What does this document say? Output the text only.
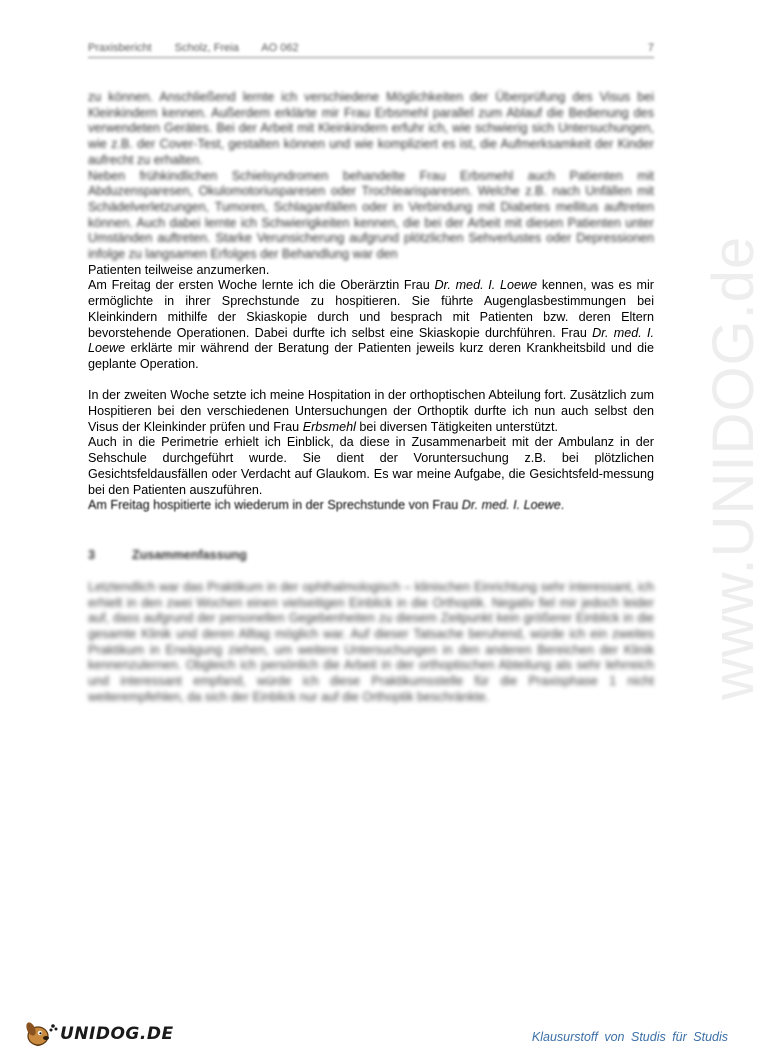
Praxisbericht Scholz, Freia AO 062	7

zu können. Anschließend lernte ich verschiedene Möglichkeiten der Überprüfung des Visus bei Kleinkindern kennen. Außerdem erklärte mir Frau Erbsmehl parallel zum Ablauf die Bedienung des verwendeten Gerätes. Bei der Arbeit mit Kleinkindern erfuhr ich, wie schwierig sich Untersuchungen, wie z.B. der Cover-Test, gestalten können und wie kompliziert es ist, die Aufmerksamkeit der Kinder aufrecht zu erhalten.

Neben frühkindlichen Schielsyndromen behandelte Frau Erbsmehl auch Patienten mit Abduzensparesen, Okulomotoriusparesen oder Trochlearisparesen. Welche z.B. nach Unfällen mit Schädelverletzungen, Tumoren, Schlaganfällen oder in Verbindung mit Diabetes mellitus auftreten können. Auch dabei lernte ich Schwierigkeiten kennen, die bei der Arbeit mit diesen Patienten unter Umständen auftreten. Starke Verunsicherung aufgrund plötzlichen Sehverlustes oder Depressionen infolge zu langsamen Erfolges der Behandlung war den

Patienten teilweise anzumerken.

Am Freitag der ersten Woche lernte ich die Oberärztin Frau Dr. med. I. Loewe kennen, was es mir ermöglichte in ihrer Sprechstunde zu hospitieren. Sie führte Augenglasbestimmungen bei Kleinkindern mithilfe der Skiaskopie durch und besprach mit Patienten bzw. deren Eltern bevorstehende Operationen. Dabei durfte ich selbst eine Skiaskopie durchführen. Frau Dr. med. I. Loewe erklärte mir während der Beratung der Patienten jeweils kurz deren Krankheitsbild und die geplante Operation.

In der zweiten Woche setzte ich meine Hospitation in der orthoptischen Abteilung fort. Zusätzlich zum Hospitieren bei den verschiedenen Untersuchungen der Orthoptik durfte ich nun auch selbst den Visus der Kleinkinder prüfen und Frau Erbsmehl bei diversen Tätigkeiten unterstützt.

Auch in die Perimetrie erhielt ich Einblick, da diese in Zusammenarbeit mit der Ambulanz in der Sehschule durchgeführt wurde. Sie dient der Voruntersuchung z.B. bei plötzlichen Gesichtsfeldausfällen oder Verdacht auf Glaukom. Es war meine Aufgabe, die Gesichtsfeld-messung bei den Patienten auszuführen.

Am Freitag hospitierte ich wiederum in der Sprechstunde von Frau Dr. med. I. Loewe.

3	Zusammenfassung

Letztendlich war das Praktikum in der ophthalmologisch – klinischen Einrichtung sehr interessant, ich erhielt in den zwei Wochen einen vielseitigen Einblick in die Orthoptik. Negativ fiel mir jedoch leider auf, dass aufgrund der personellen Gegebenheiten zu diesem Zeitpunkt kein größerer Einblick in die gesamte Klinik und deren Alltag möglich war. Auf dieser Tatsache beruhend, würde ich ein zweites Praktikum in Erwägung ziehen, um weitere Untersuchungen in den anderen Bereichen der Klinik kennenzulernen. Obgleich ich persönlich die Arbeit in der orthoptischen Abteilung als sehr lehrreich und interessant empfand, würde ich diese Praktikumsstelle für die Praxisphase 1 nicht weiterempfehlen, da sich der Einblick nur auf die Orthoptik beschränkte.	www.UNIDOG.de
UNIDOG.DE	Klausurstoff von Studis für Studis
